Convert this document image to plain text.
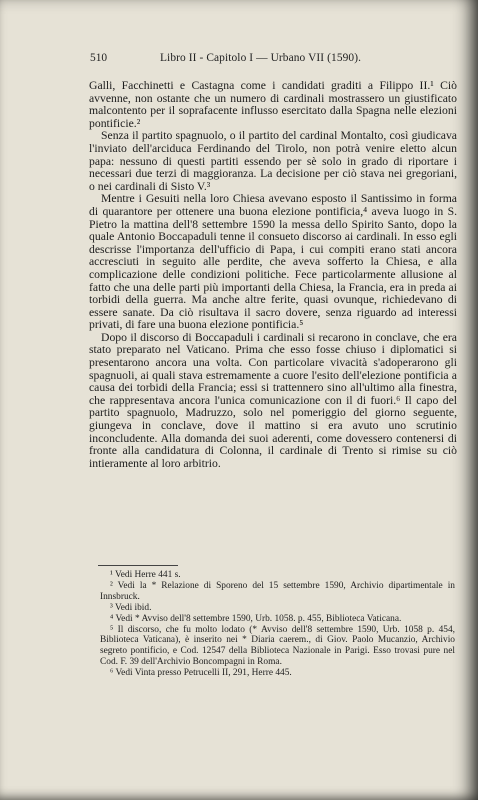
510	Libro II - Capitolo I — Urbano VII (1590).

Galli, Facchinetti e Castagna come i candidati graditi a Filippo II.¹ Ciò avvenne, non ostante che un numero di cardinali mostrassero un giustificato malcontento per il soprafacente influsso esercitato dalla Spagna nelle elezioni pontificie.²

Senza il partito spagnuolo, o il partito del cardinal Montalto, così giudicava l'inviato dell'arciduca Ferdinando del Tirolo, non potrà venire eletto alcun papa: nessuno di questi partiti essendo per sè solo in grado di riportare i necessari due terzi di maggioranza. La decisione per ciò stava nei gregoriani, o nei cardinali di Sisto V.³

Mentre i Gesuiti nella loro Chiesa avevano esposto il Santissimo in forma di quarantore per ottenere una buona elezione pontificia,⁴ aveva luogo in S. Pietro la mattina dell'8 settembre 1590 la messa dello Spirito Santo, dopo la quale Antonio Boccapaduli tenne il consueto discorso ai cardinali. In esso egli descrisse l'importanza dell'ufficio di Papa, i cui compiti erano stati ancora accresciuti in seguito alle perdite, che aveva sofferto la Chiesa, e alla complicazione delle condizioni politiche. Fece particolarmente allusione al fatto che una delle parti più importanti della Chiesa, la Francia, era in preda ai torbidi della guerra. Ma anche altre ferite, quasi ovunque, richiedevano di essere sanate. Da ciò risultava il sacro dovere, senza riguardo ad interessi privati, di fare una buona elezione pontificia.⁵

Dopo il discorso di Boccapaduli i cardinali si recarono in conclave, che era stato preparato nel Vaticano. Prima che esso fosse chiuso i diplomatici si presentarono ancora una volta. Con particolare vivacità s'adoperarono gli spagnuoli, ai quali stava estremamente a cuore l'esito dell'elezione pontificia a causa dei torbidi della Francia; essi si trattennero sino all'ultimo alla finestra, che rappresentava ancora l'unica comunicazione con il di fuori.⁶ Il capo del partito spagnuolo, Madruzzo, solo nel pomeriggio del giorno seguente, giungeva in conclave, dove il mattino si era avuto uno scrutinio inconcludente. Alla domanda dei suoi aderenti, come dovessero contenersi di fronte alla candidatura di Colonna, il cardinale di Trento si rimise su ciò intieramente al loro arbitrio.

¹ Vedi Herre 441 s.

² Vedi la * Relazione di Sporeno del 15 settembre 1590, Archivio dipartimentale in Innsbruck.

³ Vedi ibid.

⁴ Vedi * Avviso dell'8 settembre 1590, Urb. 1058. p. 455, Biblioteca Vaticana.

⁵ Il discorso, che fu molto lodato (* Avviso dell'8 settembre 1590, Urb. 1058 p. 454, Biblioteca Vaticana), è inserito nei * Diaria caerem., di Giov. Paolo Mucanzio, Archivio segreto pontificio, e Cod. 12547 della Biblioteca Nazionale in Parigi. Esso trovasi pure nel Cod. F. 39 dell'Archivio Boncompagni in Roma.

⁶ Vedi Vinta presso Petrucelli II, 291, Herre 445.
